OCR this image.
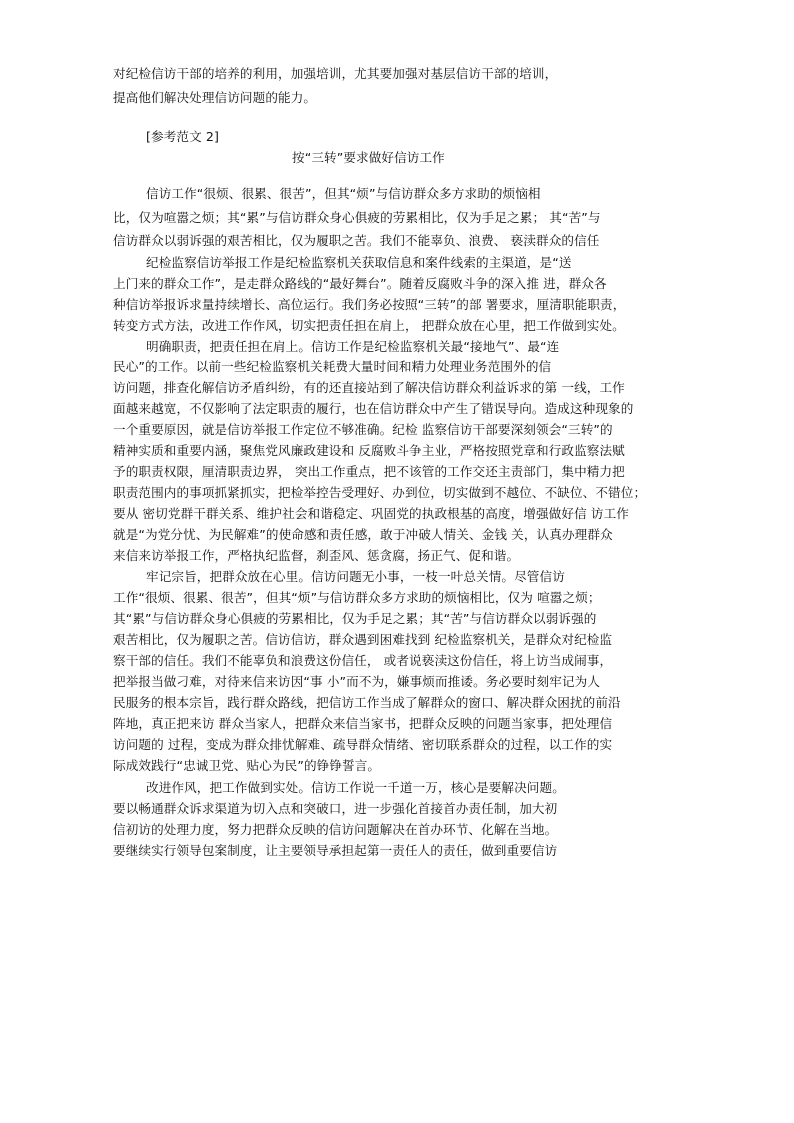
对纪检信访干部的培养的利用，加强培训，尤其要加强对基层信访干部的培训，
提高他们解决处理信访问题的能力。
[参考范文 2]
按“三转”要求做好信访工作
信访工作“很烦、很累、很苦”，但其“烦”与信访群众多方求助的烦恼相
比，仅为喧嚣之烦；其“累”与信访群众身心俱疲的劳累相比，仅为手足之累； 其“苦”与
信访群众以弱诉强的艰苦相比，仅为履职之苦。我们不能辜负、浪费、 亵渎群众的信任
纪检监察信访举报工作是纪检监察机关获取信息和案件线索的主渠道，是“送
上门来的群众工作”，是走群众路线的“最好舞台”。随着反腐败斗争的深入推 进，群众各
种信访举报诉求量持续增长、高位运行。我们务必按照“三转”的部 署要求，厘清职能职责，
转变方式方法，改进工作作风，切实把责任担在肩上， 把群众放在心里，把工作做到实处。
明确职责，把责任担在肩上。信访工作是纪检监察机关最“接地气”、最“连
民心”的工作。以前一些纪检监察机关耗费大量时间和精力处理业务范围外的信
访问题，排查化解信访矛盾纠纷，有的还直接站到了解决信访群众利益诉求的第 一线，工作
面越来越宽，不仅影响了法定职责的履行，也在信访群众中产生了错误导向。造成这种现象的
一个重要原因，就是信访举报工作定位不够准确。纪检 监察信访干部要深刻领会“三转”的
精神实质和重要内涵，聚焦党风廉政建设和 反腐败斗争主业，严格按照党章和行政监察法赋
予的职责权限，厘清职责边界， 突出工作重点，把不该管的工作交还主责部门，集中精力把
职责范围内的事项抓紧抓实，把检举控告受理好、办到位，切实做到不越位、不缺位、不错位；
要从 密切党群干群关系、维护社会和谐稳定、巩固党的执政根基的高度，增强做好信 访工作
就是“为党分忧、为民解难”的使命感和责任感，敢于冲破人情关、金钱 关，认真办理群众
来信来访举报工作，严格执纪监督，刹歪风、惩贪腐，扬正气、促和谐。
牢记宗旨，把群众放在心里。信访问题无小事，一枝一叶总关情。尽管信访
工作“很烦、很累、很苦”，但其“烦”与信访群众多方求助的烦恼相比，仅为 喧嚣之烦；
其“累”与信访群众身心俱疲的劳累相比，仅为手足之累；其“苦”与信访群众以弱诉强的
艰苦相比，仅为履职之苦。信访信访，群众遇到困难找到 纪检监察机关，是群众对纪检监
察干部的信任。我们不能辜负和浪费这份信任， 或者说亵渎这份信任，将上访当成闹事，
把举报当做刁难，对待来信来访因“事 小”而不为，嫌事烦而推诿。务必要时刻牢记为人
民服务的根本宗旨，践行群众路线，把信访工作当成了解群众的窗口、解决群众困扰的前沿
阵地，真正把来访 群众当家人，把群众来信当家书，把群众反映的问题当家事，把处理信
访问题的 过程，变成为群众排忧解难、疏导群众情绪、密切联系群众的过程，以工作的实
际成效践行“忠诚卫党、贴心为民”的铮铮誓言。
改进作风，把工作做到实处。信访工作说一千道一万，核心是要解决问题。
要以畅通群众诉求渠道为切入点和突破口，进一步强化首接首办责任制，加大初
信初访的处理力度，努力把群众反映的信访问题解决在首办环节、化解在当地。
要继续实行领导包案制度，让主要领导承担起第一责任人的责任，做到重要信访
